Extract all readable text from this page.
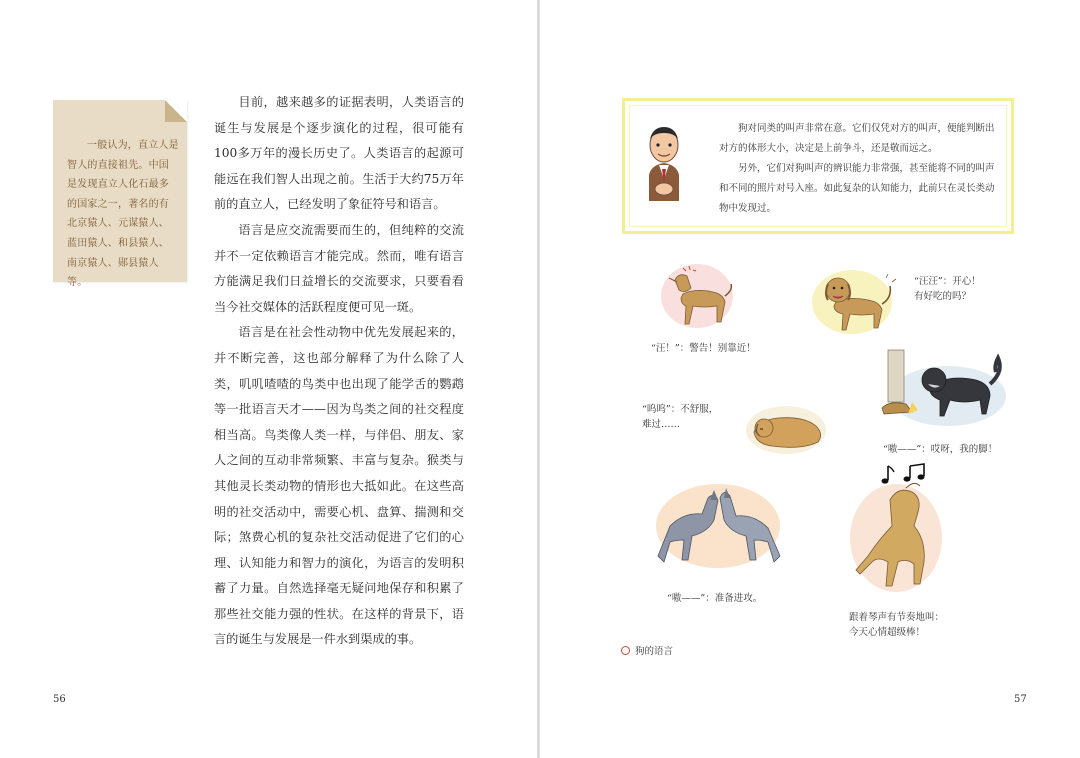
一般认为，直立人是智人的直接祖先。中国是发现直立人化石最多的国家之一，著名的有北京猿人、元谋猿人、蓝田猿人、和县猿人、南京猿人、郧县猿人等。

目前，越来越多的证据表明，人类语言的诞生与发展是个逐步演化的过程，很可能有100多万年的漫长历史了。人类语言的起源可能远在我们智人出现之前。生活于大约75万年前的直立人，已经发明了象征符号和语言。

语言是应交流需要而生的，但纯粹的交流并不一定依赖语言才能完成。然而，唯有语言方能满足我们日益增长的交流要求，只要看看当今社交媒体的活跃程度便可见一斑。

语言是在社会性动物中优先发展起来的，并不断完善，这也部分解释了为什么除了人类，叽叽喳喳的鸟类中也出现了能学舌的鹦鹉等一批语言天才——因为鸟类之间的社交程度相当高。鸟类像人类一样，与伴侣、朋友、家人之间的互动非常频繁、丰富与复杂。猴类与其他灵长类动物的情形也大抵如此。在这些高明的社交活动中，需要心机、盘算、揣测和交际；煞费心机的复杂社交活动促进了它们的心理、认知能力和智力的演化，为语言的发明积蓄了力量。自然选择毫无疑问地保存和积累了那些社交能力强的性状。在这样的背景下，语言的诞生与发展是一件水到渠成的事。

56

狗对同类的叫声非常在意。它们仅凭对方的叫声，便能判断出对方的体形大小，决定是上前争斗，还是敬而远之。

另外，它们对狗叫声的辨识能力非常强，甚至能将不同的叫声和不同的照片对号入座。如此复杂的认知能力，此前只在灵长类动物中发现过。

“汪！”：警告！别靠近！
“汪汪”：开心！
有好吃的吗？
“呜呜”：不舒服，
难过……
“嗷——”：哎呀，我的脚！
“嗷——”：准备进攻。
跟着琴声有节奏地叫：
今天心情超级棒！
狗的语言
57
